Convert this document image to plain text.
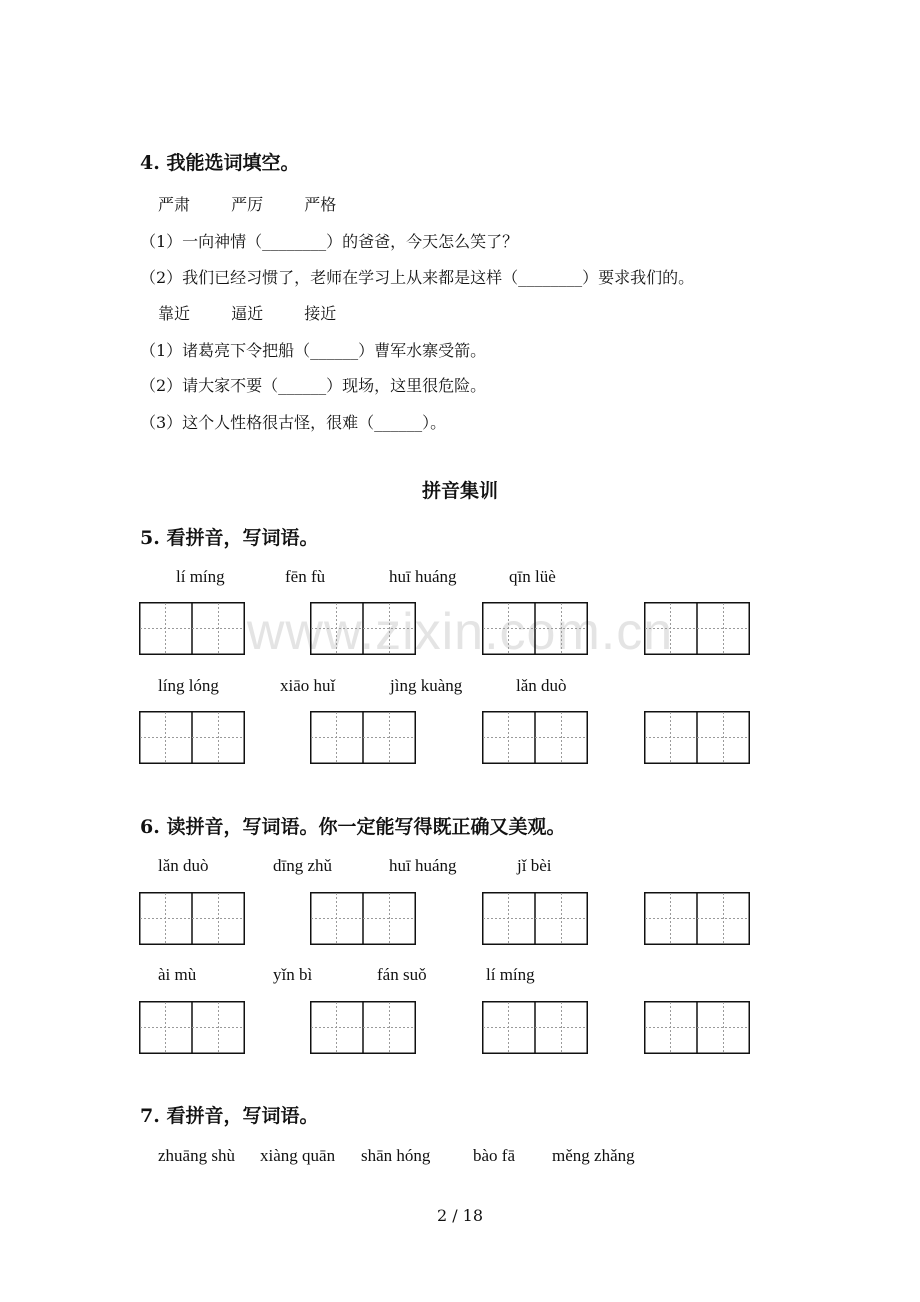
4. 我能选词填空。
严肃	严厉	严格
（1）一向神情（________）的爸爸，今天怎么笑了？
（2）我们已经习惯了，老师在学习上从来都是这样（________）要求我们的。
靠近	逼近	接近
（1）诸葛亮下令把船（______）曹军水寨受箭。
（2）请大家不要（______）现场，这里很危险。
（3）这个人性格很古怪，很难（______）。
拼音集训
www.zixin.com.cn
5. 看拼音，写词语。
lí míng	fēn fù	huī huáng	qīn lüè
líng lóng	xiāo huǐ	jìng kuàng	lǎn duò
6. 读拼音，写词语。你一定能写得既正确又美观。
lǎn duò	dīng zhǔ	huī huáng	jǐ bèi
ài mù	yǐn bì	fán suǒ	lí míng
7. 看拼音，写词语。
zhuāng shù xiàng quān shān hóng	bào fā měng zhǎng
2 / 18
